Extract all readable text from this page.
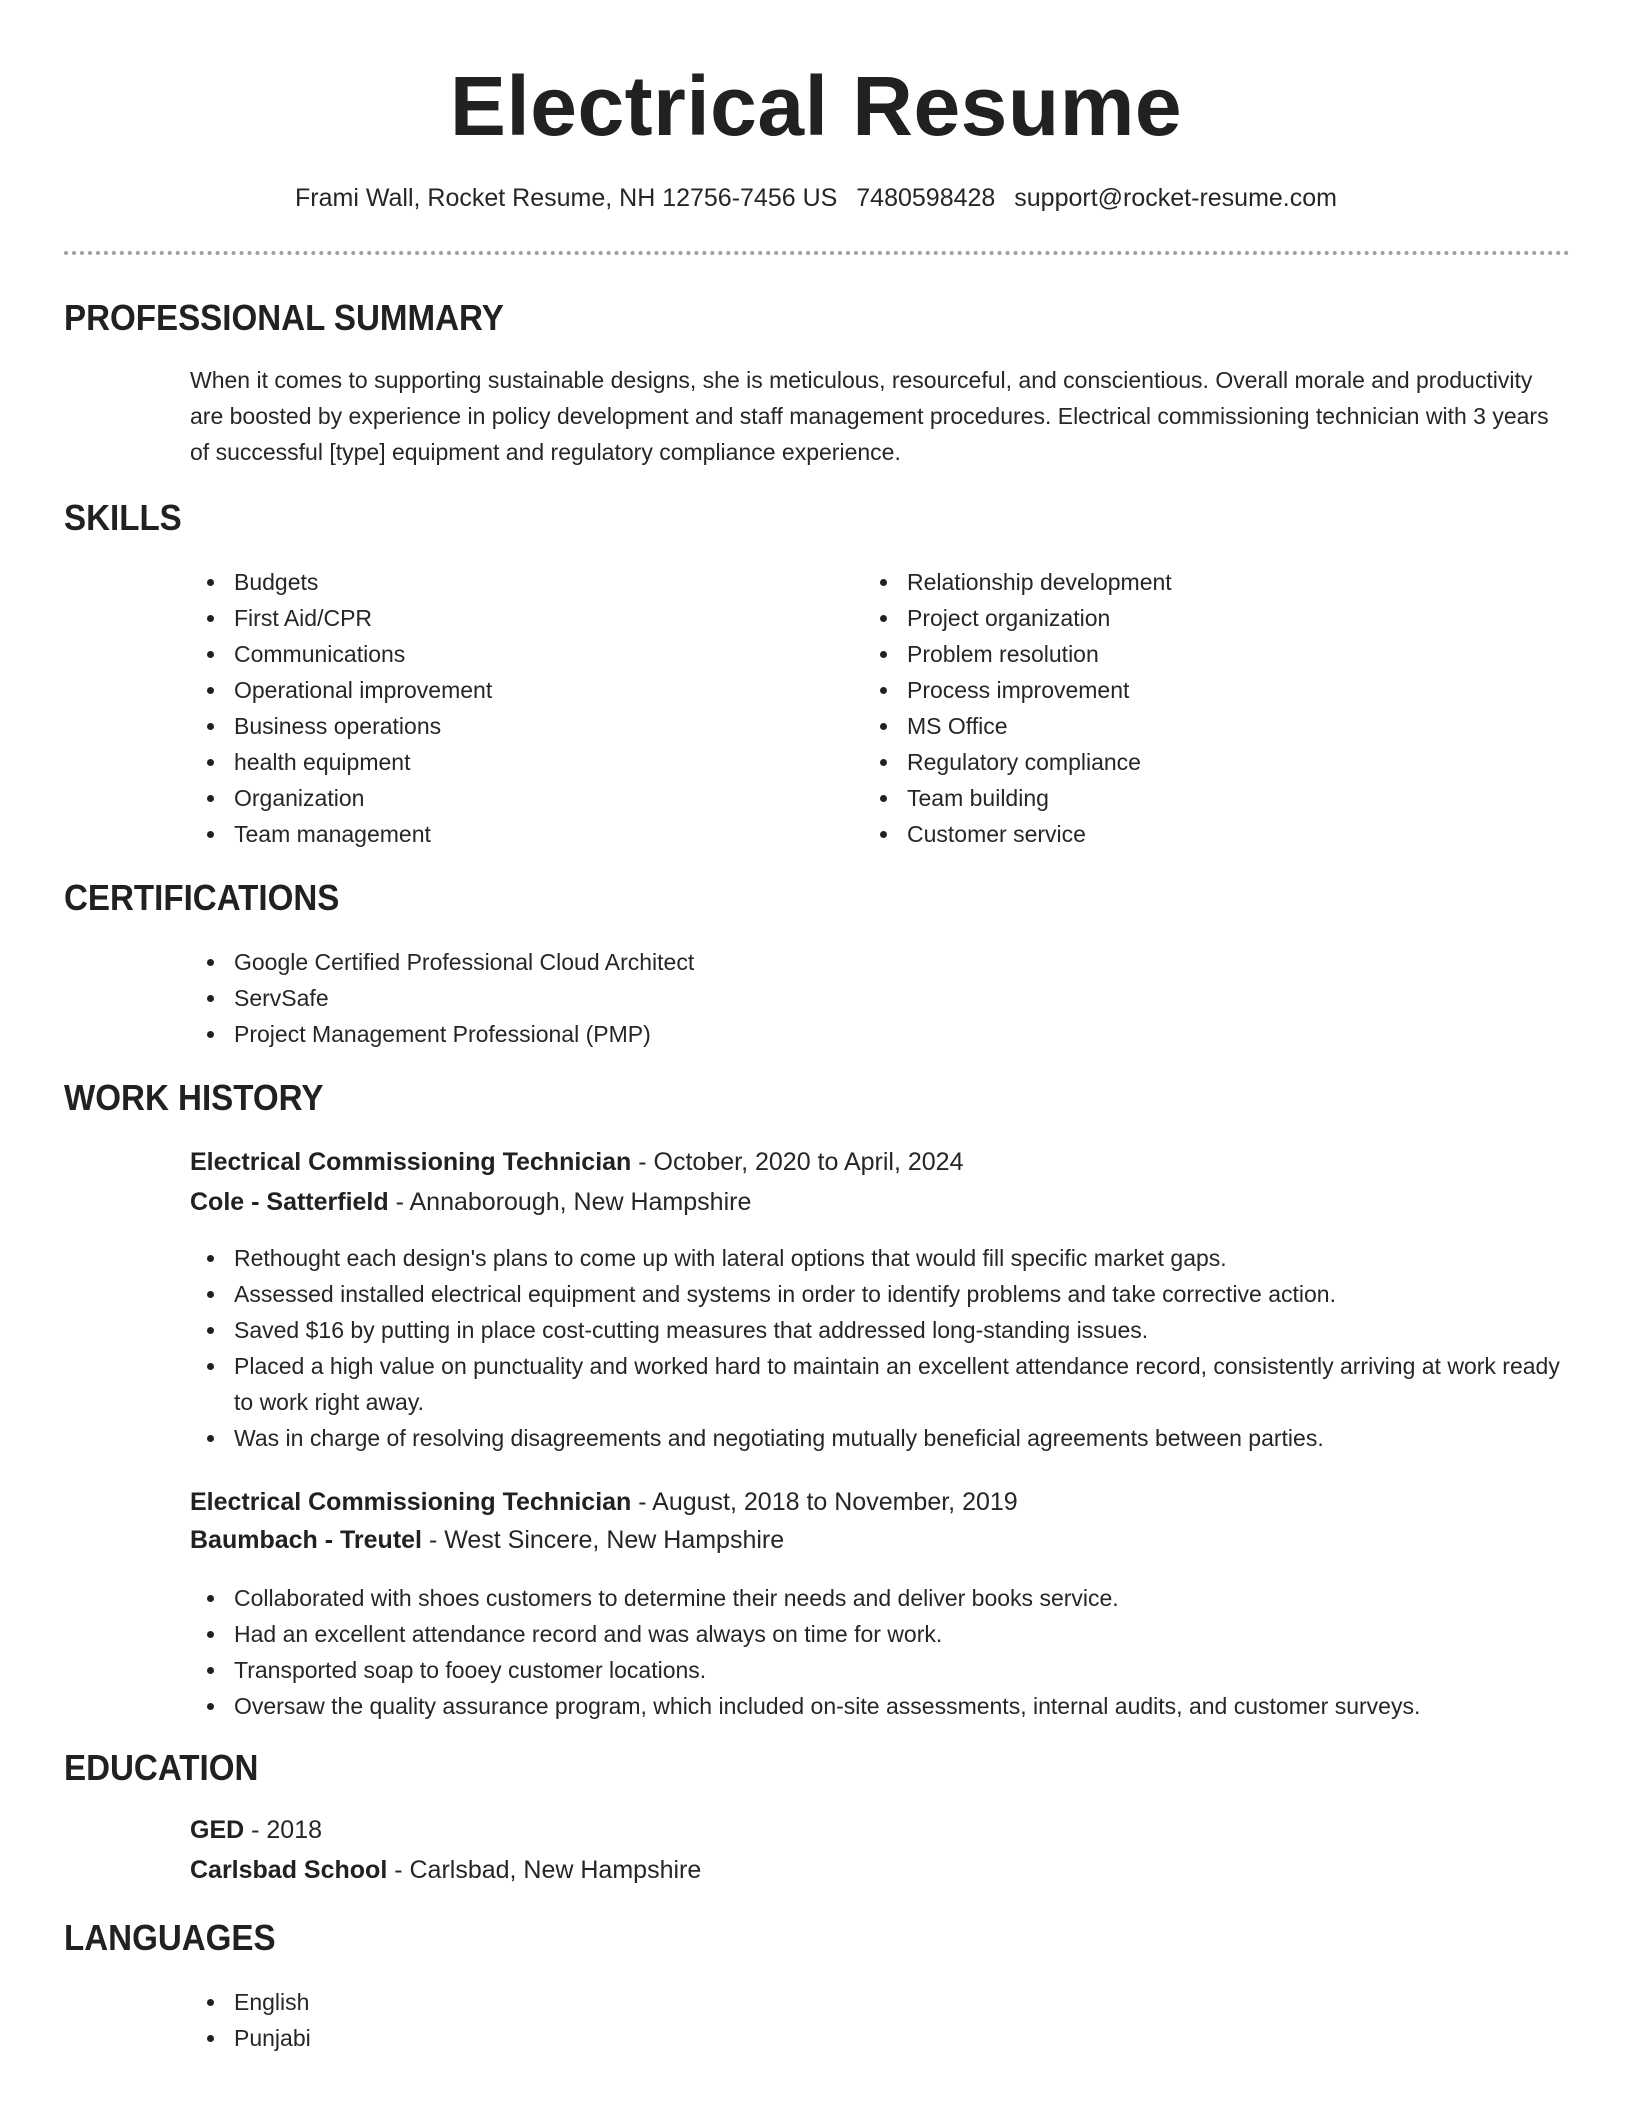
Electrical Resume
Frami Wall, Rocket Resume, NH 12756-7456 US 7480598428 support@rocket-resume.com
PROFESSIONAL SUMMARY
When it comes to supporting sustainable designs, she is meticulous, resourceful, and conscientious. Overall morale and productivity are boosted by experience in policy development and staff management procedures. Electrical commissioning technician with 3 years of successful [type] equipment and regulatory compliance experience.
SKILLS
Budgets
First Aid/CPR
Communications
Operational improvement
Business operations
health equipment
Organization
Team management
Relationship development
Project organization
Problem resolution
Process improvement
MS Office
Regulatory compliance
Team building
Customer service
CERTIFICATIONS
Google Certified Professional Cloud Architect
ServSafe
Project Management Professional (PMP)
WORK HISTORY
Electrical Commissioning Technician - October, 2020 to April, 2024
Cole - Satterfield - Annaborough, New Hampshire
Rethought each design's plans to come up with lateral options that would fill specific market gaps.
Assessed installed electrical equipment and systems in order to identify problems and take corrective action.
Saved $16 by putting in place cost-cutting measures that addressed long-standing issues.
Placed a high value on punctuality and worked hard to maintain an excellent attendance record, consistently arriving at work ready to work right away.
Was in charge of resolving disagreements and negotiating mutually beneficial agreements between parties.
Electrical Commissioning Technician - August, 2018 to November, 2019
Baumbach - Treutel - West Sincere, New Hampshire
Collaborated with shoes customers to determine their needs and deliver books service.
Had an excellent attendance record and was always on time for work.
Transported soap to fooey customer locations.
Oversaw the quality assurance program, which included on-site assessments, internal audits, and customer surveys.
EDUCATION
GED - 2018
Carlsbad School - Carlsbad, New Hampshire
LANGUAGES
English
Punjabi
